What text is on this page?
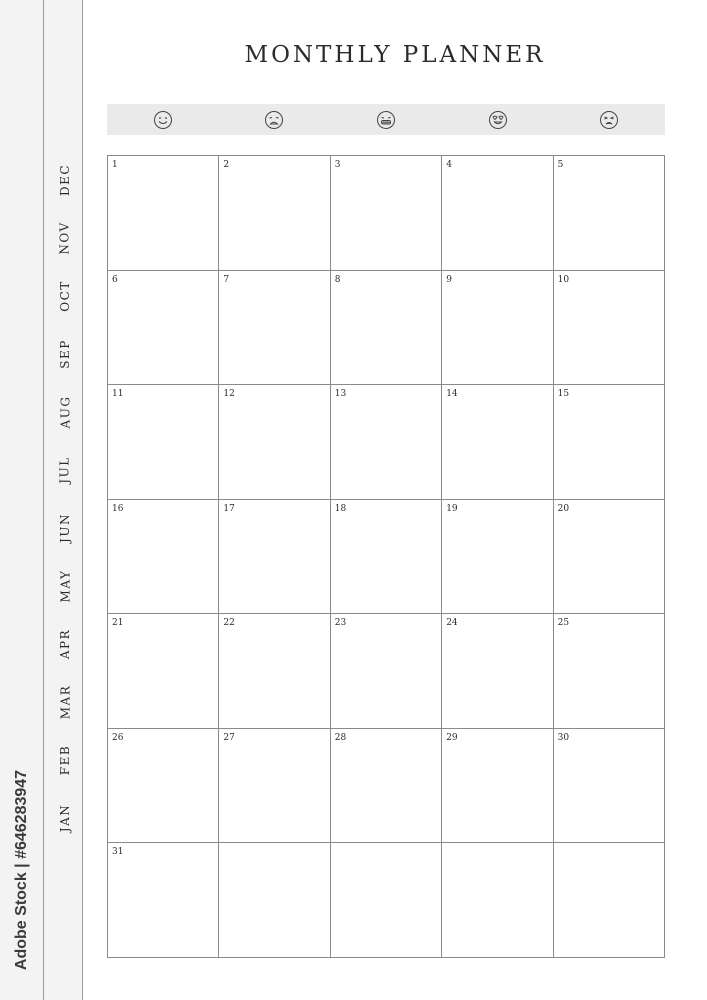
DEC
NOV
OCT
SEP
AUG
JUL
JUN
MAY
APR
MAR
FEB
JAN
Adobe Stock | #646283947
MONTHLY PLANNER
1	2	3	4	5
6	7	8	9	10
11	12	13	14	15
16	17	18	19	20
21	22	23	24	25
26	27	28	29	30
31
